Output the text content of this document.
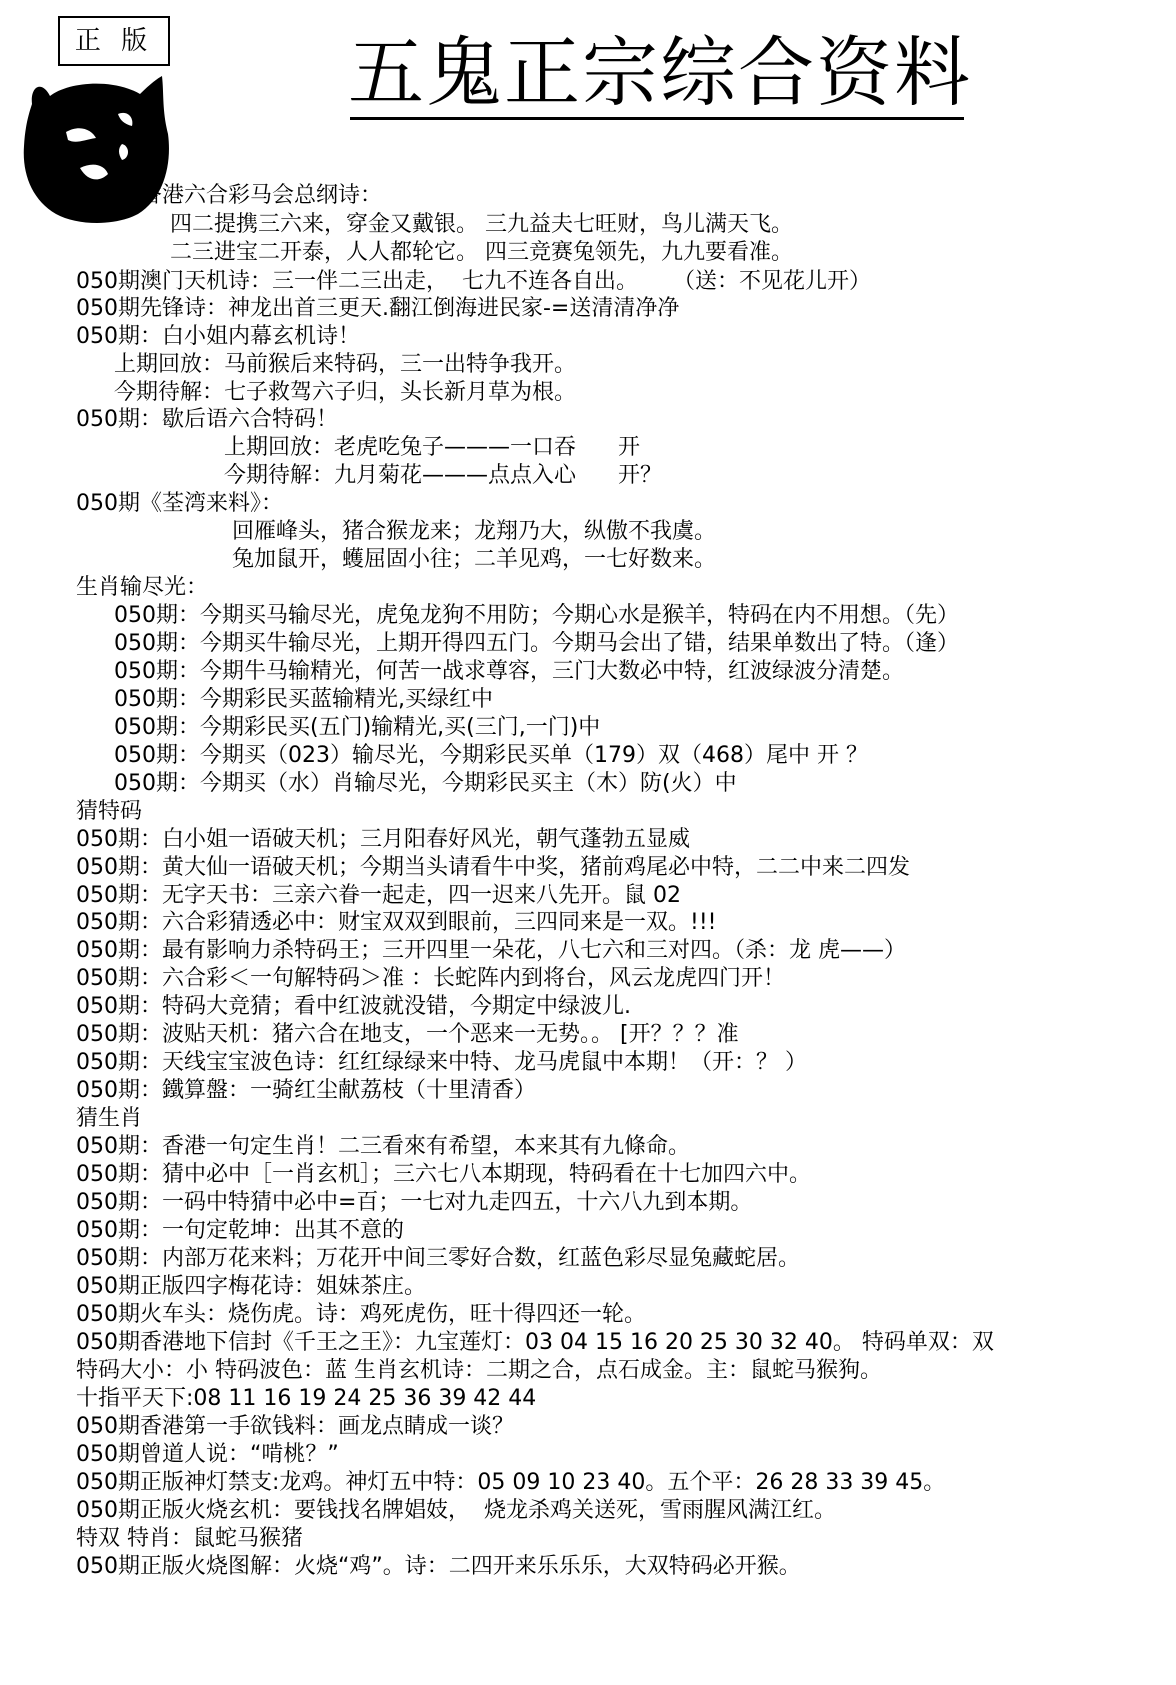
正 版	五鬼正宗综合资料
香港六合彩马会总纲诗：
四二提携三六来，穿金又戴银。 三九益夫七旺财，鸟儿满天飞。
二三进宝二开泰，人人都轮它。 四三竞赛兔领先，九九要看准。
050期澳门天机诗：三一伴二三出走，  七九不连各自出。     （送：不见花儿开）
050期先锋诗：神龙出首三更天.翻江倒海进民家-=送清清净净
050期：白小姐内幕玄机诗！
上期回放：马前猴后来特码，三一出特争我开。
今期待解：七子救驾六子归，头长新月草为根。
050期：歇后语六合特码！
上期回放：老虎吃兔子———一口吞      开
今期待解：九月菊花———点点入心      开？
050期《荃湾来料》：
回雁峰头，猪合猴龙来；龙翔乃大，纵傲不我虞。
兔加鼠开，蠖屈固小往；二羊见鸡，一七好数来。
生肖输尽光：
050期：今期买马输尽光，虎兔龙狗不用防；今期心水是猴羊，特码在内不用想。（先）
050期：今期买牛输尽光，上期开得四五门。今期马会出了错，结果单数出了特。（逢）
050期：今期牛马输精光，何苦一战求尊容，三门大数必中特，红波绿波分清楚。
050期：今期彩民买蓝输精光,买绿红中
050期：今期彩民买(五门)输精光,买(三门,一门)中
050期：今期买（023）输尽光，今期彩民买单（179）双（468）尾中 开 ？
050期：今期买（水）肖输尽光，今期彩民买主（木）防(火）中
猜特码
050期：白小姐一语破天机；三月阳春好风光，朝气蓬勃五显威
050期：黄大仙一语破天机；今期当头请看牛中奖，猪前鸡尾必中特，二二中来二四发
050期：无字天书：三亲六眷一起走，四一迟来八先开。鼠 02
050期：六合彩猜透必中：财宝双双到眼前，三四同来是一双。!!!
050期：最有影响力杀特码王；三开四里一朵花，八七六和三对四。（杀：龙 虎——）
050期：六合彩＜一句解特码＞准 ：长蛇阵内到将台，风云龙虎四门开！
050期：特码大竞猜；看中红波就没错，今期定中绿波儿.
050期：波贴天机：猪六合在地支，一个恶来一无势。。 [开？？？准
050期：天线宝宝波色诗：红红绿绿来中特、龙马虎鼠中本期！（开：？ ）
050期：鐵算盤：一骑红尘献荔枝（十里清香）
猜生肖
050期：香港一句定生肖！二三看來有希望，本来其有九條命。
050期：猜中必中［一肖玄机］；三六七八本期现，特码看在十七加四六中。
050期：一码中特猜中必中=百；一七对九走四五，十六八九到本期。
050期：一句定乾坤：出其不意的
050期：内部万花来料；万花开中间三零好合数，红蓝色彩尽显兔藏蛇居。
050期正版四字梅花诗：姐妹茶庄。
050期火车头：烧伤虎。诗：鸡死虎伤，旺十得四还一轮。
050期香港地下信封《千王之王》：九宝莲灯：03 04 15 16 20 25 30 32 40。 特码单双：双
特码大小：小 特码波色：蓝 生肖玄机诗：二期之合，点石成金。主：鼠蛇马猴狗。
十指平天下:08 11 16 19 24 25 36 39 42 44
050期香港第一手欲钱料：画龙点睛成一谈？
050期曾道人说：“啃桃？”
050期正版神灯禁支:龙鸡。神灯五中特：05 09 10 23 40。五个平：26 28 33 39 45。
050期正版火烧玄机：要钱找名牌娼妓，  烧龙杀鸡关送死，雪雨腥风满江红。
特双 特肖：鼠蛇马猴猪
050期正版火烧图解：火烧“鸡”。诗：二四开来乐乐乐，大双特码必开猴。
